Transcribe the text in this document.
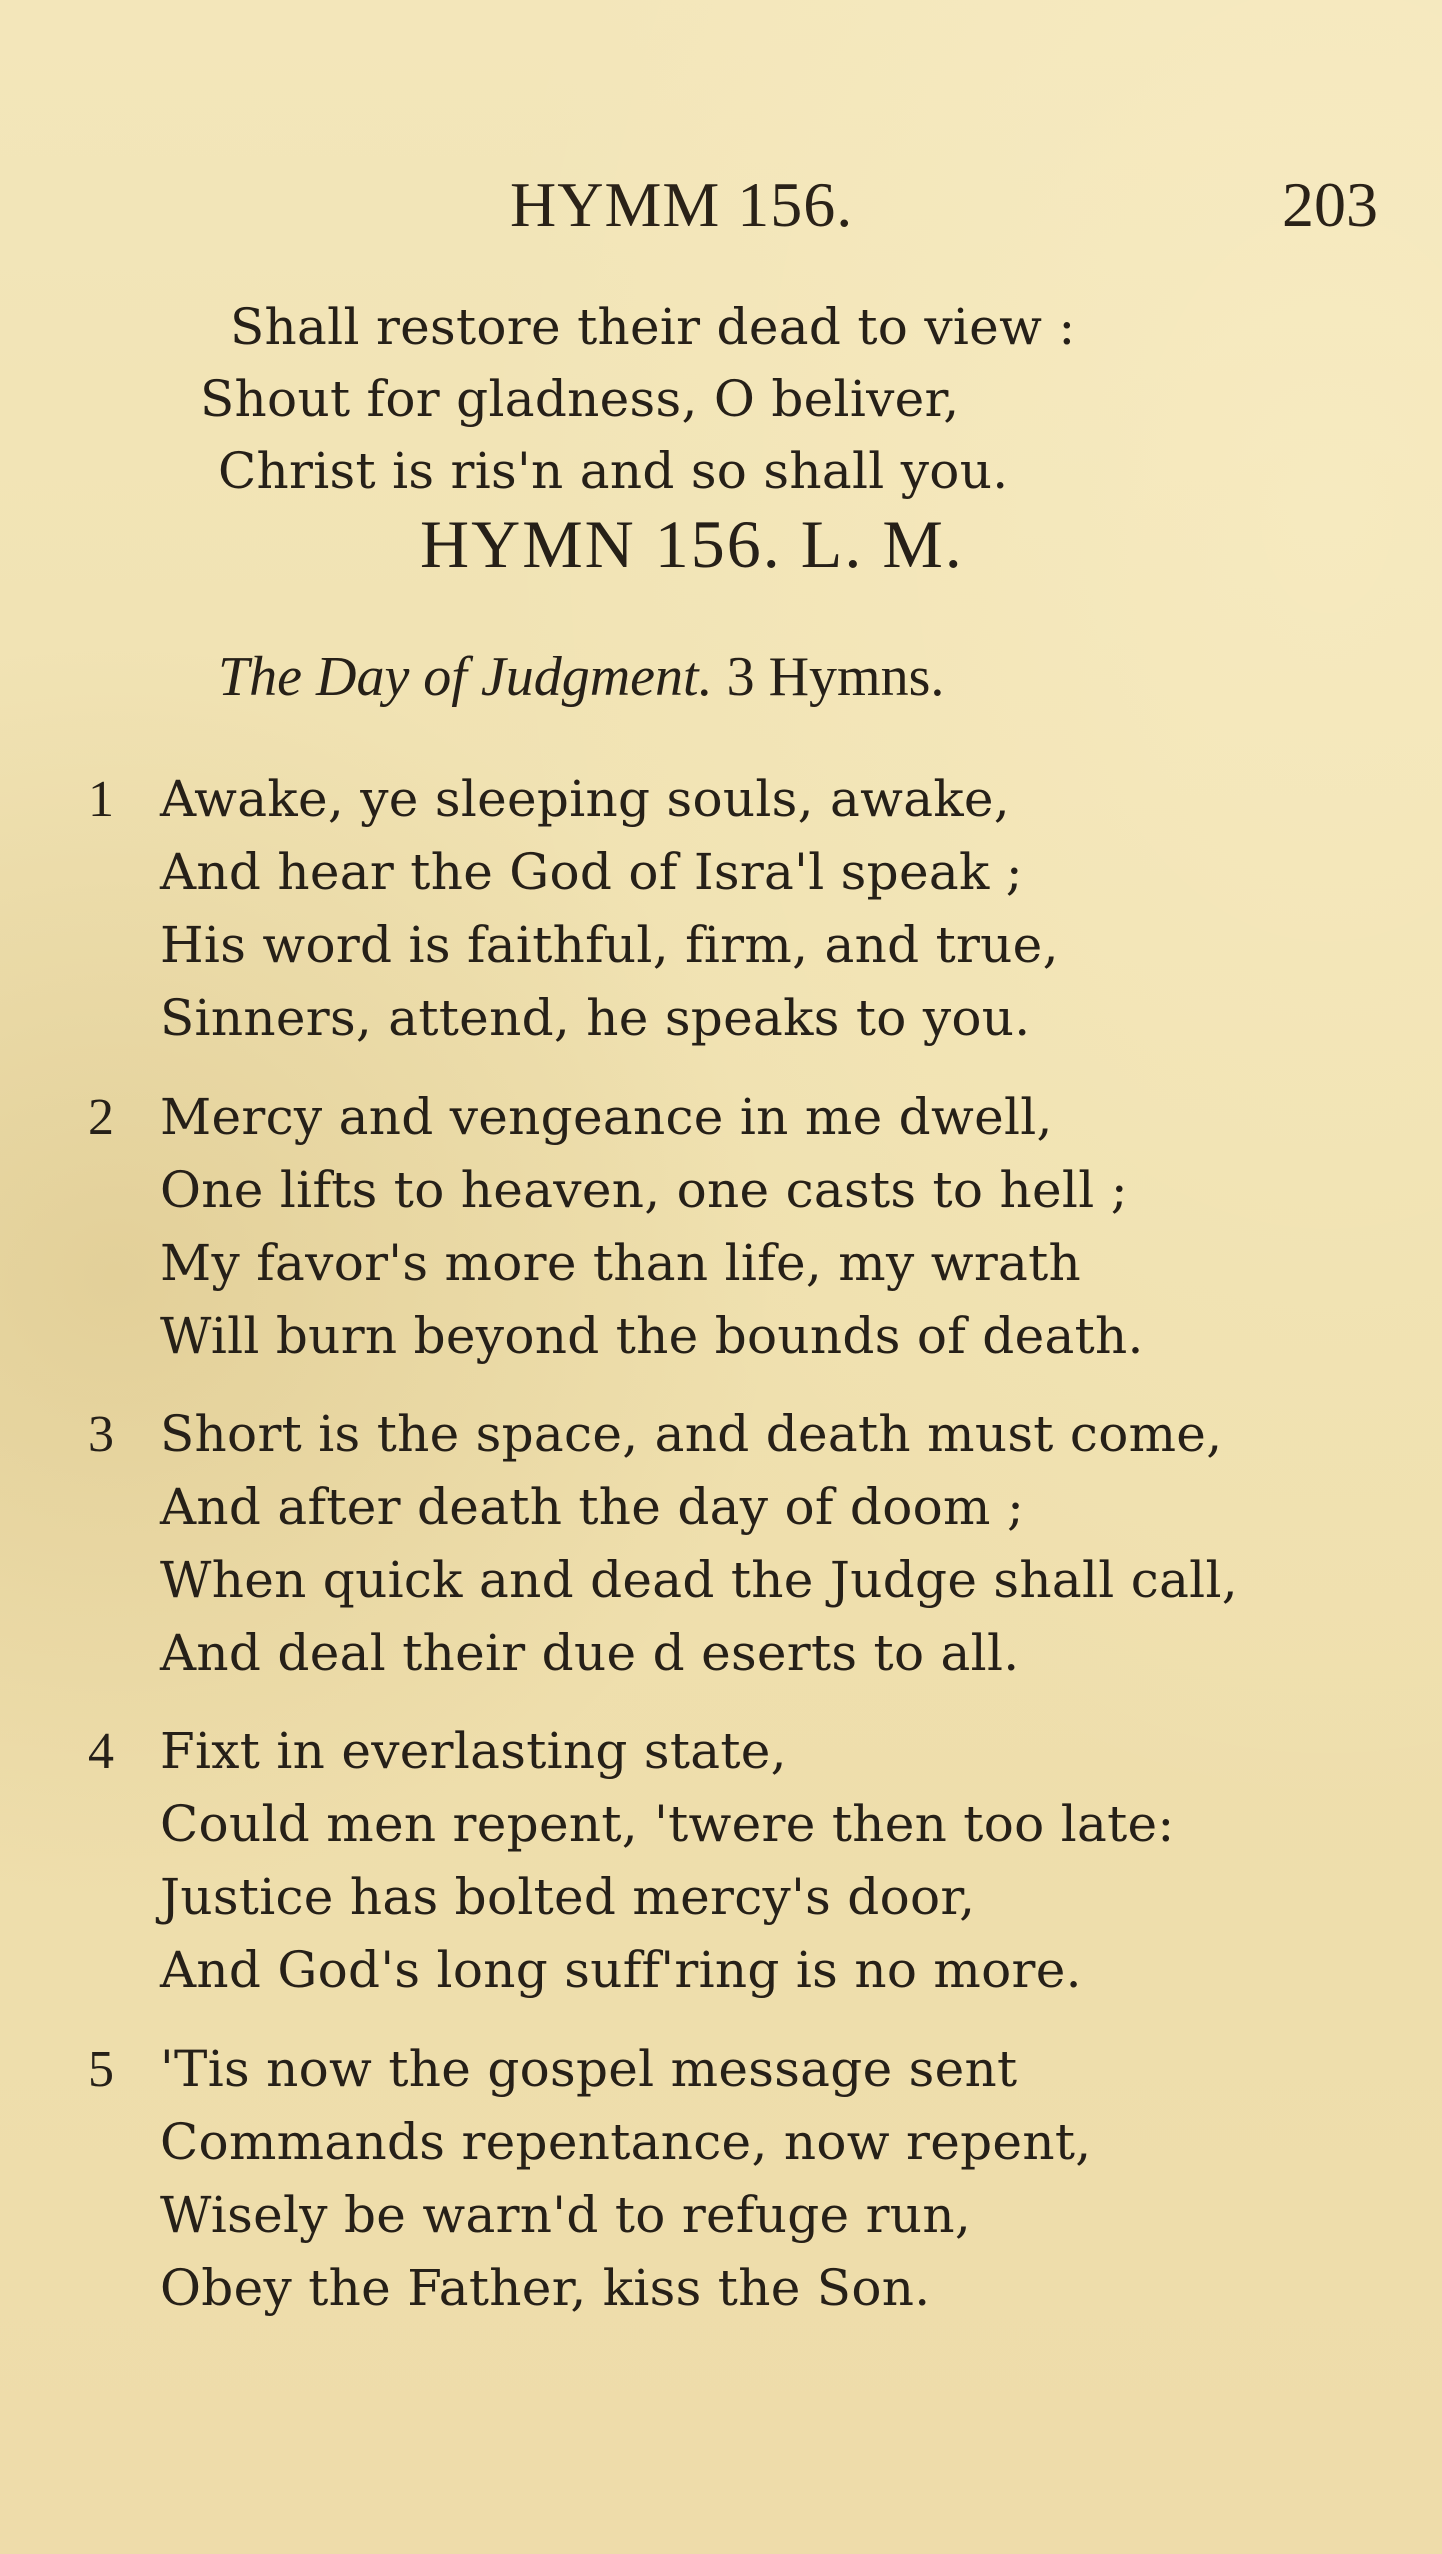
HYMM 156.	203
Shall restore their dead to view :
Shout for gladness, O beliver,
Christ is ris'n and so shall you.
HYMN 156. L. M.
The Day of Judgment. 3 Hymns.
1 Awake, ye sleeping souls, awake,
And hear the God of Isra'l speak ;
His word is faithful, firm, and true,
Sinners, attend, he speaks to you.
2 Mercy and vengeance in me dwell,
One lifts to heaven, one casts to hell ;
My favor's more than life, my wrath
Will burn beyond the bounds of death.
3 Short is the space, and death must come,
And after death the day of doom ;
When quick and dead the Judge shall call,
And deal their due d eserts to all.
4 Fixt in everlasting state,
Could men repent, 'twere then too late:
Justice has bolted mercy's door,
And God's long suff'ring is no more.
5 'Tis now the gospel message sent
Commands repentance, now repent,
Wisely be warn'd to refuge run,
Obey the Father, kiss the Son.
